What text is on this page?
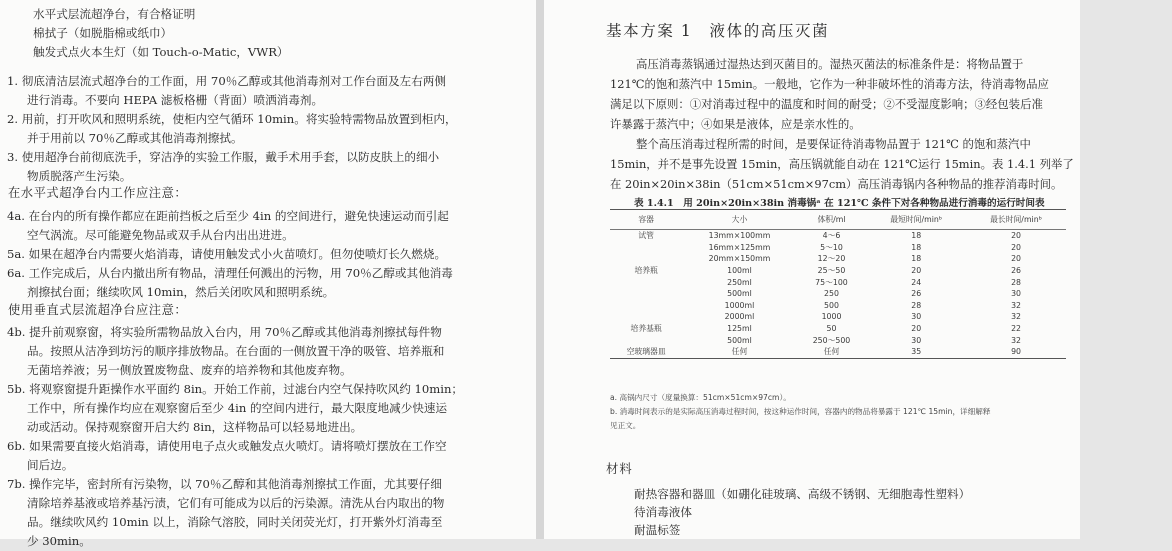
水平式层流超净台，有合格证明
棉拭子（如脱脂棉或纸巾）
触发式点火本生灯（如 Touch-o-Matic，VWR）
1. 彻底清洁层流式超净台的工作面，用 70％乙醇或其他消毒剂对工作台面及左右两侧
进行消毒。不要向 HEPA 滤板格栅（背面）喷洒消毒剂。
2. 用前，打开吹风和照明系统，使柜内空气循环 10min。将实验特需物品放置到柜内，
并于用前以 70％乙醇或其他消毒剂擦拭。
3. 使用超净台前彻底洗手，穿洁净的实验工作服，戴手术用手套，以防皮肤上的细小
物质脱落产生污染。
在水平式超净台内工作应注意：
4a. 在台内的所有操作都应在距前挡板之后至少 4in 的空间进行，避免快速运动而引起
空气涡流。尽可能避免物品或双手从台内出出进进。
5a. 如果在超净台内需要火焰消毒，请使用触发式小火苗喷灯。但勿使喷灯长久燃烧。
6a. 工作完成后，从台内撤出所有物品，清理任何溅出的污物，用 70％乙醇或其他消毒
剂擦拭台面；继续吹风 10min，然后关闭吹风和照明系统。
使用垂直式层流超净台应注意：
4b. 提升前观察窗，将实验所需物品放入台内，用 70％乙醇或其他消毒剂擦拭每件物
品。按照从洁净到坊污的顺序排放物品。在台面的一侧放置干净的吸管、培养瓶和
无菌培养液；另一侧放置废物盘、废弃的培养物和其他废弃物。
5b. 将观察窗提升距操作水平面约 8in。开始工作前，过滤台内空气保持吹风约 10min；
工作中，所有操作均应在观察窗后至少 4in 的空间内进行，最大限度地减少快速运
动或活动。保持观察窗开启大约 8in，这样物品可以轻易地进出。
6b. 如果需要直接火焰消毒，请使用电子点火或触发点火喷灯。请将喷灯摆放在工作空
间后边。
7b. 操作完毕，密封所有污染物，以 70％乙醇和其他消毒剂擦拭工作面，尤其要仔细
清除培养基液或培养基污渍，它们有可能成为以后的污染源。清洗从台内取出的物
品。继续吹风约 10min 以上，消除气溶胶，同时关闭荧光灯，打开紫外灯消毒至
少 30min。
基本方案 1　液体的高压灭菌
高压消毒蒸锅通过湿热达到灭菌目的。湿热灭菌法的标准条件是：将物品置于
121℃的饱和蒸汽中 15min。一般地，它作为一种非破坏性的消毒方法，待消毒物品应
满足以下原则：①对消毒过程中的温度和时间的耐受；②不受湿度影响；③经包装后准
许暴露于蒸汽中；④如果是液体，应是亲水性的。
整个高压消毒过程所需的时间，是要保证待消毒物品置于 121℃ 的饱和蒸汽中
15min，并不是事先设置 15min，高压锅就能自动在 121℃运行 15min。表 1.4.1 列举了
在 20in×20in×38in（51cm×51cm×97cm）高压消毒锅内各种物品的推荐消毒时间。
表 1.4.1　用 20in×20in×38in 消毒锅ᵃ 在 121℃ 条件下对各种物品进行消毒的运行时间表
容器	大小	体积/ml	最短时间/minᵇ	最长时间/minᵇ
试管	13mm×100mm	4～6	18	20
	16mm×125mm	5～10	18	20
	20mm×150mm	12～20	18	20
培养瓶	100ml	25～50	20	26
	250ml	75～100	24	28
	500ml	250	26	30
	1000ml	500	28	32
	2000ml	1000	30	32
培养基瓶	125ml	50	20	22
	500ml	250～500	30	32
空玻璃器皿	任何	任何	35	90
a. 高锅内尺寸（度量换算：51cm×51cm×97cm）。
b. 消毒时间表示的是实际高压消毒过程时间，按这种运作时间，容器内的物品将暴露于 121℃ 15min，详细解释
见正文。
材料
耐热容器和器皿（如硼化硅玻璃、高级不锈钢、无细胞毒性塑料）
待消毒液体
耐温标签
